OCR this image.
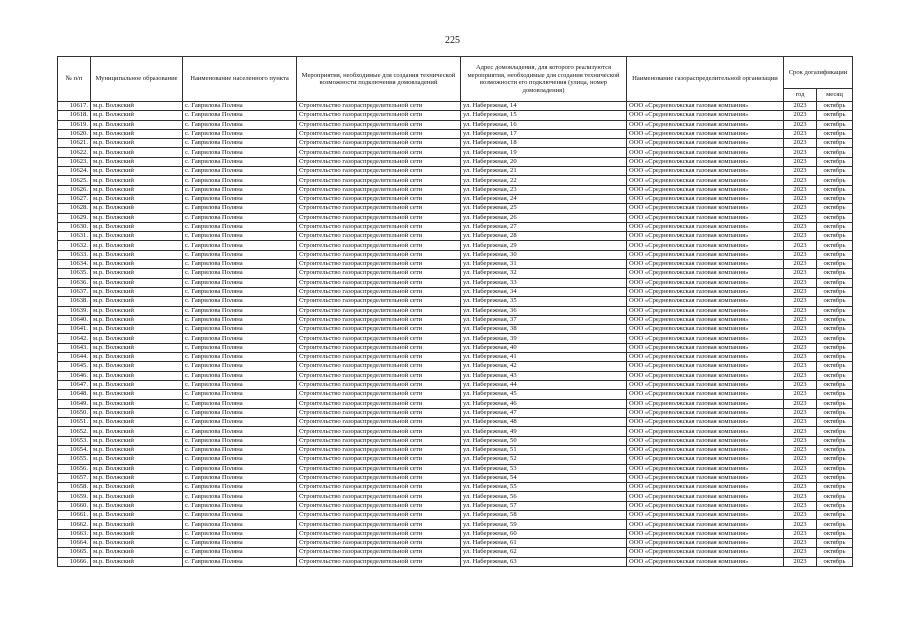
225
№ п/п	Муниципальное образование	Наименование населенного пункта	Мероприятия, необходимые для создания технической возможности подключения домовладений	Адрес домовладения, для которого реализуются мероприятия, необходимые для создания технической возможности его подключения (улица, номер домовладения)	Наименование газораспределительной организации	Срок догазификации	
						год	месяц
10617.	м.р. Волжский	с. Гаврилова Поляна	Строительство газораспределительной сети	ул. Набережная, 14	ООО «Средневолжская газовая компания»	2023	октябрь
10618.	м.р. Волжский	с. Гаврилова Поляна	Строительство газораспределительной сети	ул. Набережная, 15	ООО «Средневолжская газовая компания»	2023	октябрь
10619.	м.р. Волжский	с. Гаврилова Поляна	Строительство газораспределительной сети	ул. Набережная, 16	ООО «Средневолжская газовая компания»	2023	октябрь
10620.	м.р. Волжский	с. Гаврилова Поляна	Строительство газораспределительной сети	ул. Набережная, 17	ООО «Средневолжская газовая компания»	2023	октябрь
10621.	м.р. Волжский	с. Гаврилова Поляна	Строительство газораспределительной сети	ул. Набережная, 18	ООО «Средневолжская газовая компания»	2023	октябрь
10622.	м.р. Волжский	с. Гаврилова Поляна	Строительство газораспределительной сети	ул. Набережная, 19	ООО «Средневолжская газовая компания»	2023	октябрь
10623.	м.р. Волжский	с. Гаврилова Поляна	Строительство газораспределительной сети	ул. Набережная, 20	ООО «Средневолжская газовая компания»	2023	октябрь
10624.	м.р. Волжский	с. Гаврилова Поляна	Строительство газораспределительной сети	ул. Набережная, 21	ООО «Средневолжская газовая компания»	2023	октябрь
10625.	м.р. Волжский	с. Гаврилова Поляна	Строительство газораспределительной сети	ул. Набережная, 22	ООО «Средневолжская газовая компания»	2023	октябрь
10626.	м.р. Волжский	с. Гаврилова Поляна	Строительство газораспределительной сети	ул. Набережная, 23	ООО «Средневолжская газовая компания»	2023	октябрь
10627.	м.р. Волжский	с. Гаврилова Поляна	Строительство газораспределительной сети	ул. Набережная, 24	ООО «Средневолжская газовая компания»	2023	октябрь
10628.	м.р. Волжский	с. Гаврилова Поляна	Строительство газораспределительной сети	ул. Набережная, 25	ООО «Средневолжская газовая компания»	2023	октябрь
10629.	м.р. Волжский	с. Гаврилова Поляна	Строительство газораспределительной сети	ул. Набережная, 26	ООО «Средневолжская газовая компания»	2023	октябрь
10630.	м.р. Волжский	с. Гаврилова Поляна	Строительство газораспределительной сети	ул. Набережная, 27	ООО «Средневолжская газовая компания»	2023	октябрь
10631.	м.р. Волжский	с. Гаврилова Поляна	Строительство газораспределительной сети	ул. Набережная, 28	ООО «Средневолжская газовая компания»	2023	октябрь
10632.	м.р. Волжский	с. Гаврилова Поляна	Строительство газораспределительной сети	ул. Набережная, 29	ООО «Средневолжская газовая компания»	2023	октябрь
10633.	м.р. Волжский	с. Гаврилова Поляна	Строительство газораспределительной сети	ул. Набережная, 30	ООО «Средневолжская газовая компания»	2023	октябрь
10634.	м.р. Волжский	с. Гаврилова Поляна	Строительство газораспределительной сети	ул. Набережная, 31	ООО «Средневолжская газовая компания»	2023	октябрь
10635.	м.р. Волжский	с. Гаврилова Поляна	Строительство газораспределительной сети	ул. Набережная, 32	ООО «Средневолжская газовая компания»	2023	октябрь
10636.	м.р. Волжский	с. Гаврилова Поляна	Строительство газораспределительной сети	ул. Набережная, 33	ООО «Средневолжская газовая компания»	2023	октябрь
10637.	м.р. Волжский	с. Гаврилова Поляна	Строительство газораспределительной сети	ул. Набережная, 34	ООО «Средневолжская газовая компания»	2023	октябрь
10638.	м.р. Волжский	с. Гаврилова Поляна	Строительство газораспределительной сети	ул. Набережная, 35	ООО «Средневолжская газовая компания»	2023	октябрь
10639.	м.р. Волжский	с. Гаврилова Поляна	Строительство газораспределительной сети	ул. Набережная, 36	ООО «Средневолжская газовая компания»	2023	октябрь
10640.	м.р. Волжский	с. Гаврилова Поляна	Строительство газораспределительной сети	ул. Набережная, 37	ООО «Средневолжская газовая компания»	2023	октябрь
10641.	м.р. Волжский	с. Гаврилова Поляна	Строительство газораспределительной сети	ул. Набережная, 38	ООО «Средневолжская газовая компания»	2023	октябрь
10642.	м.р. Волжский	с. Гаврилова Поляна	Строительство газораспределительной сети	ул. Набережная, 39	ООО «Средневолжская газовая компания»	2023	октябрь
10643.	м.р. Волжский	с. Гаврилова Поляна	Строительство газораспределительной сети	ул. Набережная, 40	ООО «Средневолжская газовая компания»	2023	октябрь
10644.	м.р. Волжский	с. Гаврилова Поляна	Строительство газораспределительной сети	ул. Набережная, 41	ООО «Средневолжская газовая компания»	2023	октябрь
10645.	м.р. Волжский	с. Гаврилова Поляна	Строительство газораспределительной сети	ул. Набережная, 42	ООО «Средневолжская газовая компания»	2023	октябрь
10646.	м.р. Волжский	с. Гаврилова Поляна	Строительство газораспределительной сети	ул. Набережная, 43	ООО «Средневолжская газовая компания»	2023	октябрь
10647.	м.р. Волжский	с. Гаврилова Поляна	Строительство газораспределительной сети	ул. Набережная, 44	ООО «Средневолжская газовая компания»	2023	октябрь
10648.	м.р. Волжский	с. Гаврилова Поляна	Строительство газораспределительной сети	ул. Набережная, 45	ООО «Средневолжская газовая компания»	2023	октябрь
10649.	м.р. Волжский	с. Гаврилова Поляна	Строительство газораспределительной сети	ул. Набережная, 46	ООО «Средневолжская газовая компания»	2023	октябрь
10650.	м.р. Волжский	с. Гаврилова Поляна	Строительство газораспределительной сети	ул. Набережная, 47	ООО «Средневолжская газовая компания»	2023	октябрь
10651.	м.р. Волжский	с. Гаврилова Поляна	Строительство газораспределительной сети	ул. Набережная, 48	ООО «Средневолжская газовая компания»	2023	октябрь
10652.	м.р. Волжский	с. Гаврилова Поляна	Строительство газораспределительной сети	ул. Набережная, 49	ООО «Средневолжская газовая компания»	2023	октябрь
10653.	м.р. Волжский	с. Гаврилова Поляна	Строительство газораспределительной сети	ул. Набережная, 50	ООО «Средневолжская газовая компания»	2023	октябрь
10654.	м.р. Волжский	с. Гаврилова Поляна	Строительство газораспределительной сети	ул. Набережная, 51	ООО «Средневолжская газовая компания»	2023	октябрь
10655.	м.р. Волжский	с. Гаврилова Поляна	Строительство газораспределительной сети	ул. Набережная, 52	ООО «Средневолжская газовая компания»	2023	октябрь
10656.	м.р. Волжский	с. Гаврилова Поляна	Строительство газораспределительной сети	ул. Набережная, 53	ООО «Средневолжская газовая компания»	2023	октябрь
10657.	м.р. Волжский	с. Гаврилова Поляна	Строительство газораспределительной сети	ул. Набережная, 54	ООО «Средневолжская газовая компания»	2023	октябрь
10658.	м.р. Волжский	с. Гаврилова Поляна	Строительство газораспределительной сети	ул. Набережная, 55	ООО «Средневолжская газовая компания»	2023	октябрь
10659.	м.р. Волжский	с. Гаврилова Поляна	Строительство газораспределительной сети	ул. Набережная, 56	ООО «Средневолжская газовая компания»	2023	октябрь
10660.	м.р. Волжский	с. Гаврилова Поляна	Строительство газораспределительной сети	ул. Набережная, 57	ООО «Средневолжская газовая компания»	2023	октябрь
10661.	м.р. Волжский	с. Гаврилова Поляна	Строительство газораспределительной сети	ул. Набережная, 58	ООО «Средневолжская газовая компания»	2023	октябрь
10662.	м.р. Волжский	с. Гаврилова Поляна	Строительство газораспределительной сети	ул. Набережная, 59	ООО «Средневолжская газовая компания»	2023	октябрь
10663.	м.р. Волжский	с. Гаврилова Поляна	Строительство газораспределительной сети	ул. Набережная, 60	ООО «Средневолжская газовая компания»	2023	октябрь
10664.	м.р. Волжский	с. Гаврилова Поляна	Строительство газораспределительной сети	ул. Набережная, 61	ООО «Средневолжская газовая компания»	2023	октябрь
10665.	м.р. Волжский	с. Гаврилова Поляна	Строительство газораспределительной сети	ул. Набережная, 62	ООО «Средневолжская газовая компания»	2023	октябрь
10666.	м.р. Волжский	с. Гаврилова Поляна	Строительство газораспределительной сети	ул. Набережная, 63	ООО «Средневолжская газовая компания»	2023	октябрь
